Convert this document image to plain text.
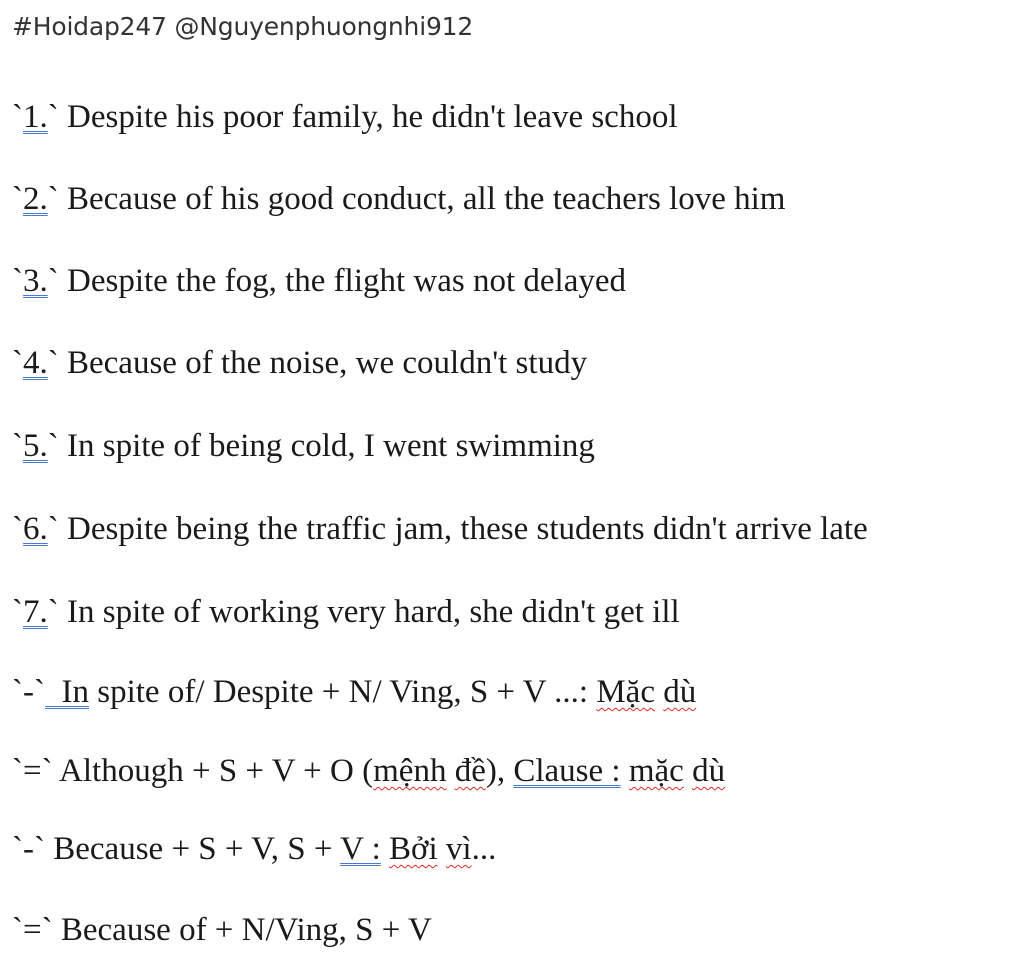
#Hoidap247 @Nguyenphuongnhi912
`1.` Despite his poor family, he didn't leave school
`2.` Because of his good conduct, all the teachers love him
`3.` Despite the fog, the flight was not delayed
`4.` Because of the noise, we couldn't study
`5.` In spite of being cold, I went swimming
`6.` Despite being the traffic jam, these students didn't arrive late
`7.` In spite of working very hard, she didn't get ill
`-` In spite of/ Despite + N/ Ving, S + V ...: Mặc dù
`=` Although + S + V + O (mệnh đề), Clause : mặc dù
`-` Because + S + V, S + V : Bởi vì...
`=` Because of + N/Ving, S + V
